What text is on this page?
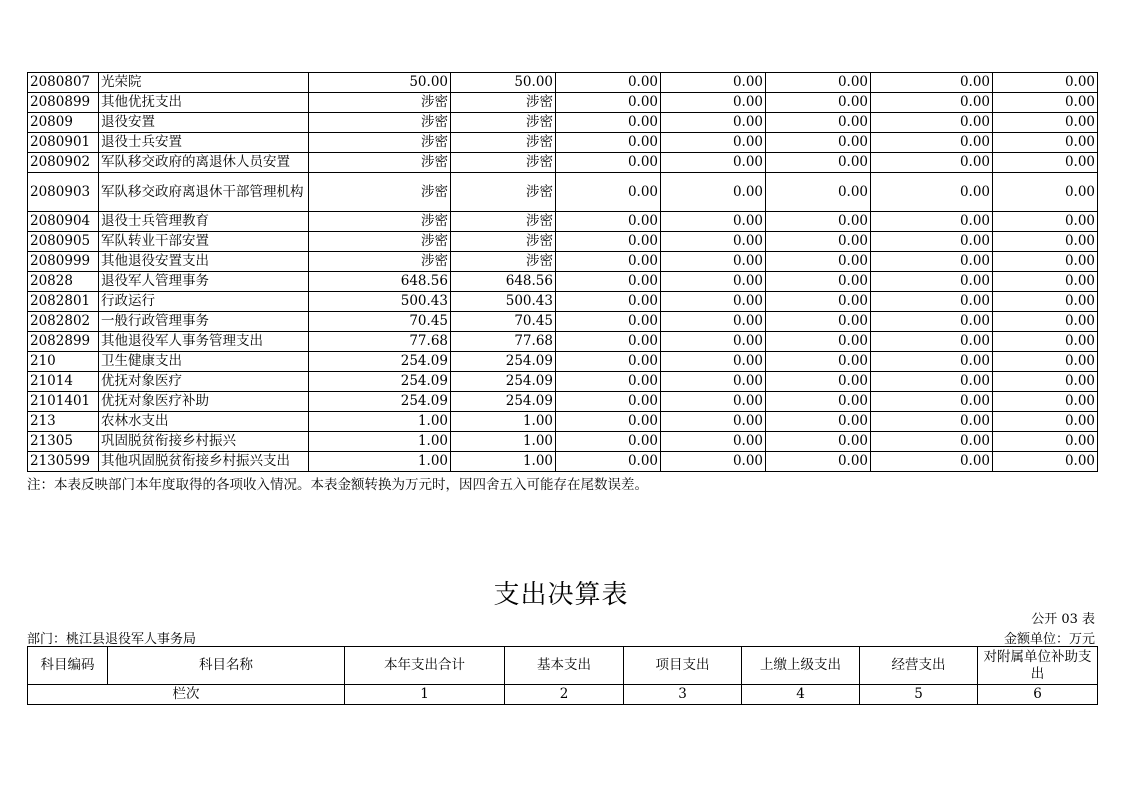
2080807	光荣院	50.00	50.00	0.00	0.00	0.00	0.00	0.00
2080899	其他优抚支出	涉密	涉密	0.00	0.00	0.00	0.00	0.00
20809	退役安置	涉密	涉密	0.00	0.00	0.00	0.00	0.00
2080901	退役士兵安置	涉密	涉密	0.00	0.00	0.00	0.00	0.00
2080902	军队移交政府的离退休人员安置	涉密	涉密	0.00	0.00	0.00	0.00	0.00
2080903	军队移交政府离退休干部管理机构	涉密	涉密	0.00	0.00	0.00	0.00	0.00
2080904	退役士兵管理教育	涉密	涉密	0.00	0.00	0.00	0.00	0.00
2080905	军队转业干部安置	涉密	涉密	0.00	0.00	0.00	0.00	0.00
2080999	其他退役安置支出	涉密	涉密	0.00	0.00	0.00	0.00	0.00
20828	退役军人管理事务	648.56	648.56	0.00	0.00	0.00	0.00	0.00
2082801	行政运行	500.43	500.43	0.00	0.00	0.00	0.00	0.00
2082802	一般行政管理事务	70.45	70.45	0.00	0.00	0.00	0.00	0.00
2082899	其他退役军人事务管理支出	77.68	77.68	0.00	0.00	0.00	0.00	0.00
210	卫生健康支出	254.09	254.09	0.00	0.00	0.00	0.00	0.00
21014	优抚对象医疗	254.09	254.09	0.00	0.00	0.00	0.00	0.00
2101401	优抚对象医疗补助	254.09	254.09	0.00	0.00	0.00	0.00	0.00
213	农林水支出	1.00	1.00	0.00	0.00	0.00	0.00	0.00
21305	巩固脱贫衔接乡村振兴	1.00	1.00	0.00	0.00	0.00	0.00	0.00
2130599	其他巩固脱贫衔接乡村振兴支出	1.00	1.00	0.00	0.00	0.00	0.00	0.00
注：本表反映部门本年度取得的各项收入情况。本表金额转换为万元时，因四舍五入可能存在尾数误差。
支出决算表
公开 03 表
部门：桃江县退役军人事务局	金额单位：万元
科目编码	科目名称	本年支出合计	基本支出	项目支出	上缴上级支出	经营支出	对附属单位补助支出
栏次		1	2	3	4	5	6
